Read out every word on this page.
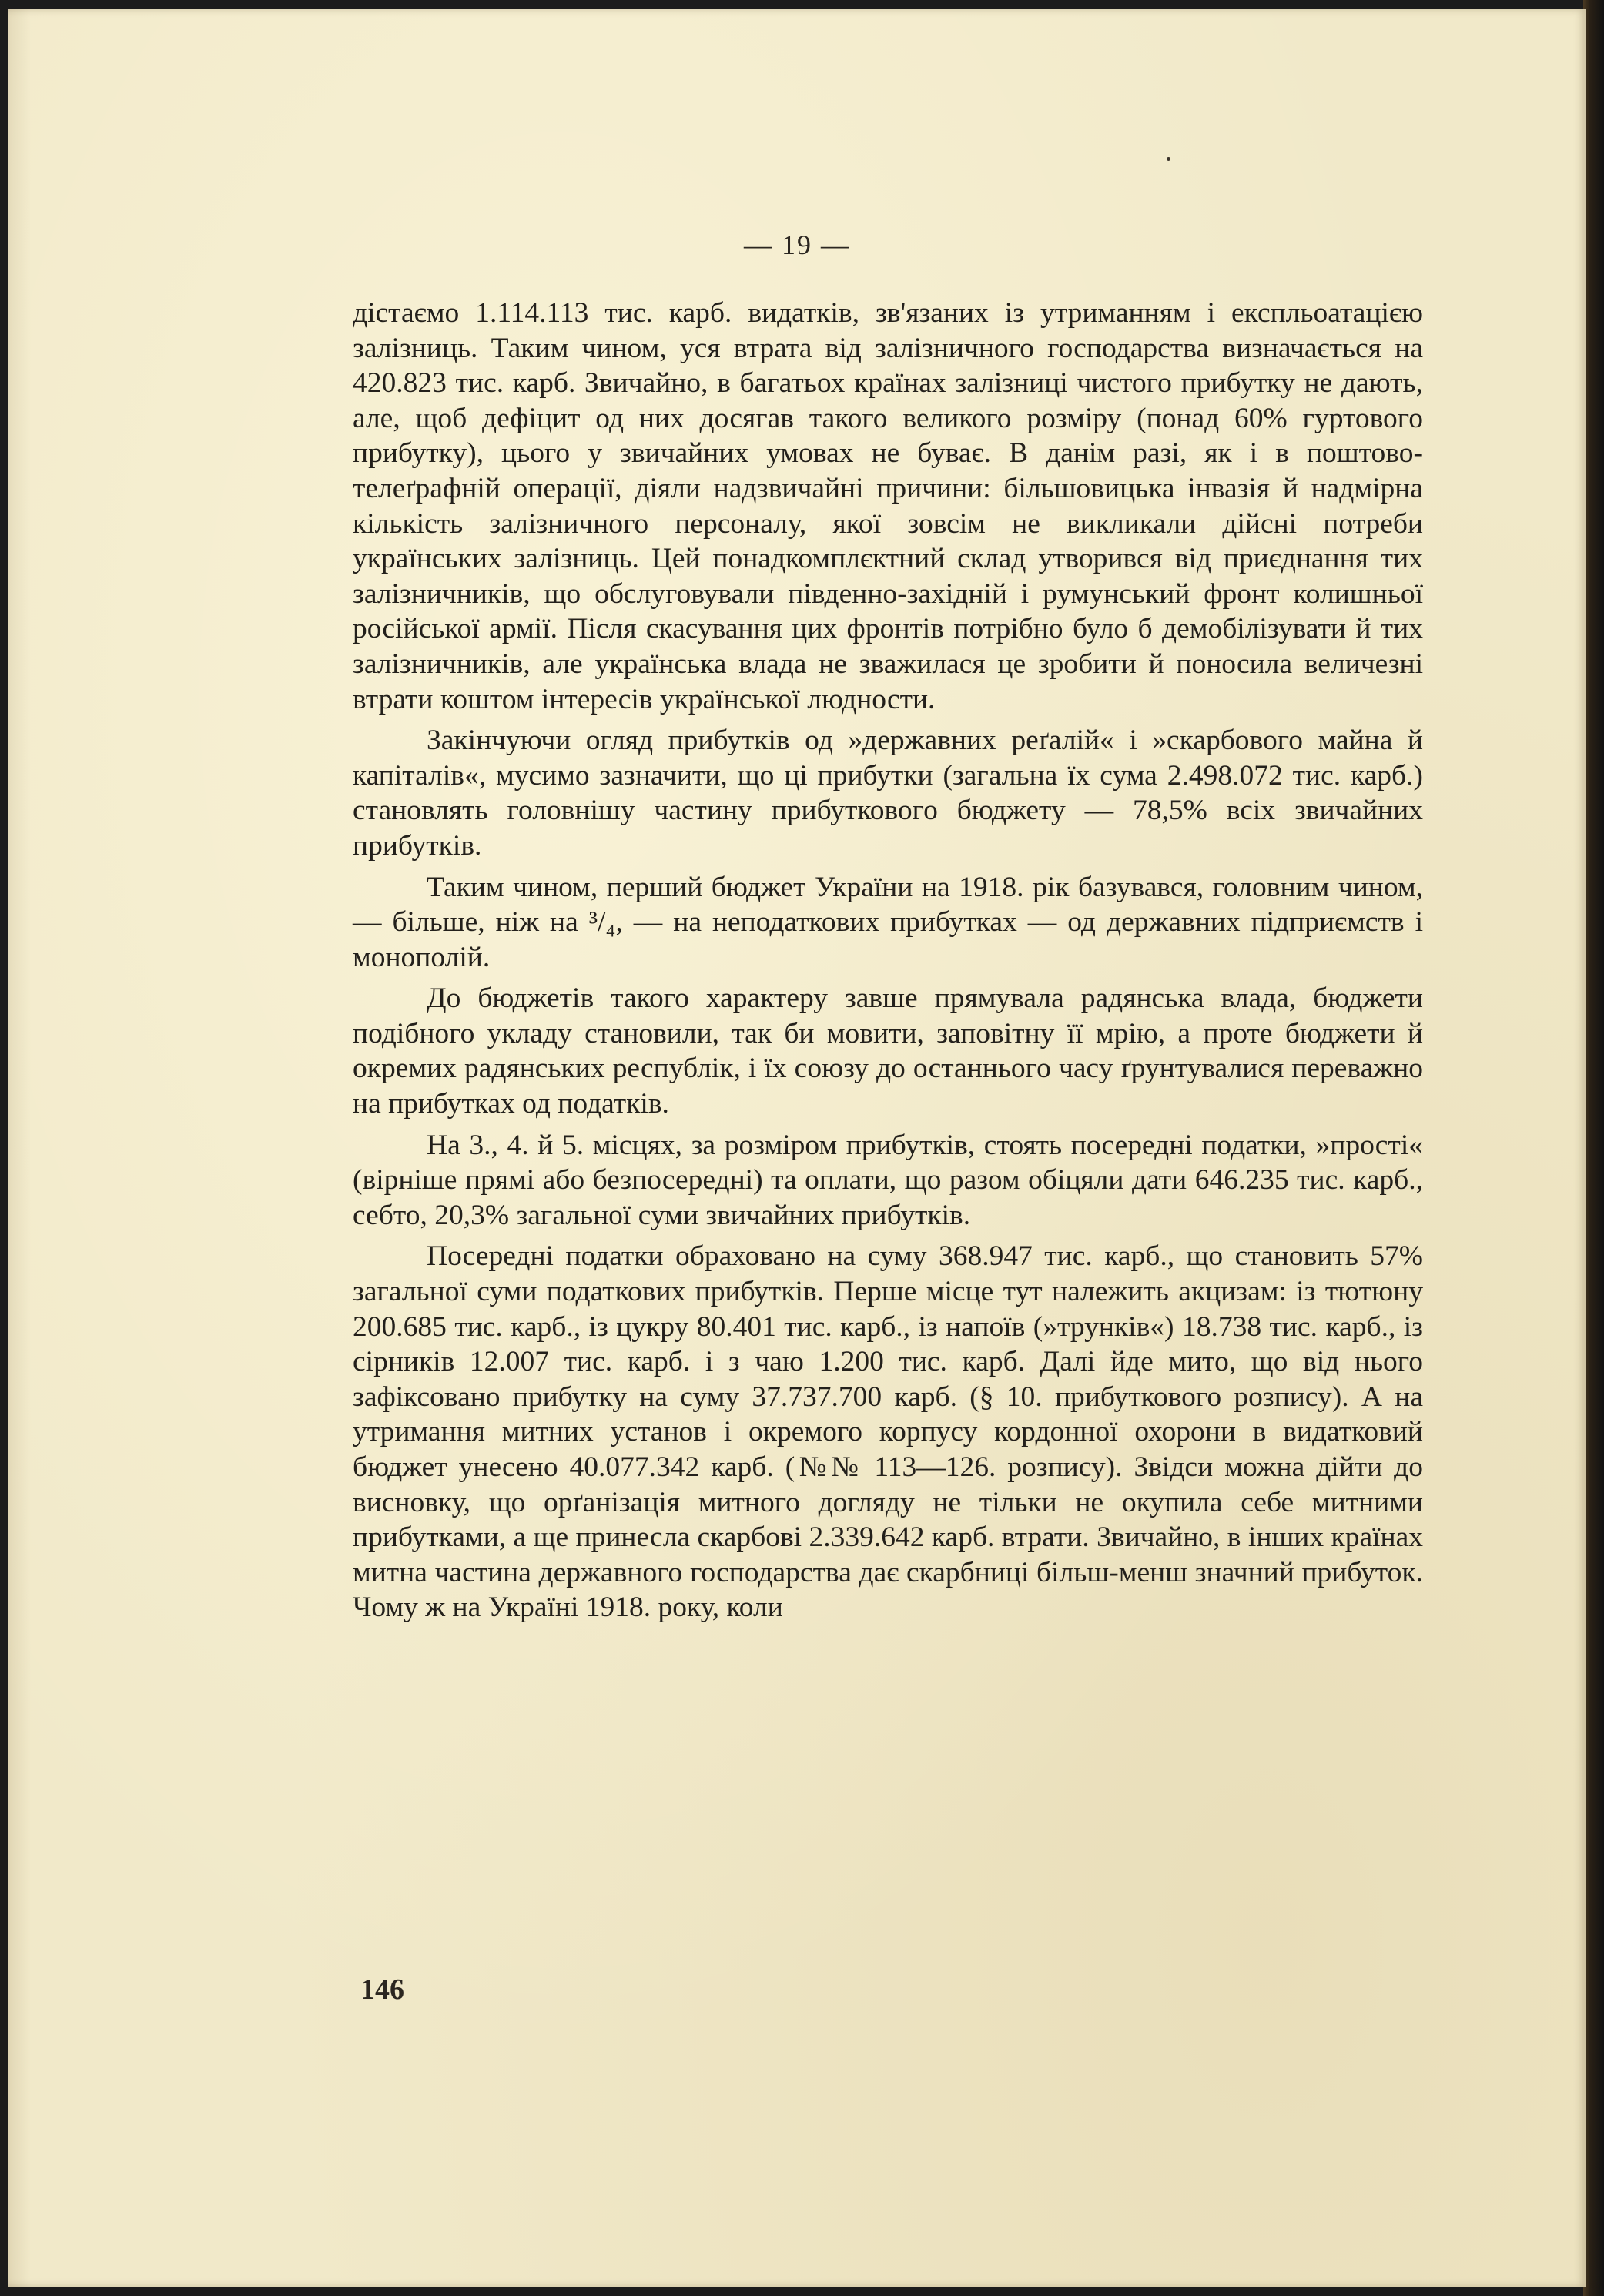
— 19 —

дістаємо 1.114.113 тис. карб. видатків, зв'язаних із утриманням і експльоатацією залізниць. Таким чином, уся втрата від залізничного господарства визначається на 420.823 тис. карб. Звичайно, в багатьох країнах залізниці чистого прибутку не дають, але, щоб дефіцит од них досягав такого великого розміру (понад 60% гуртового прибутку), цього у звичайних умовах не буває. В данім разі, як і в поштово-телеґрафній операції, діяли надзвичайні причини: більшовицька інвазія й надмірна кількість залізничного персоналу, якої зовсім не викликали дійсні потреби українських залізниць. Цей понадкомплєктний склад утворився від приєднання тих залізничників, що обслуговували південно-західній і румунський фронт колишньої російської армії. Після скасування цих фронтів потрібно було б демобілізувати й тих залізничників, але українська влада не зважилася це зробити й поносила величезні втрати коштом інтересів української людности.

Закінчуючи огляд прибутків од »державних реґалій« і »скарбового майна й капіталів«, мусимо зазначити, що ці прибутки (загальна їх сума 2.498.072 тис. карб.) становлять головнішу частину прибуткового бюджету — 78,5% всіх звичайних прибутків.

Таким чином, перший бюджет України на 1918. рік базувався, головним чином, — більше, ніж на ³/₄, — на неподаткових прибутках — од державних підприємств і монополій.

До бюджетів такого характеру завше прямувала радянська влада, бюджети подібного укладу становили, так би мовити, заповітну її мрію, а проте бюджети й окремих радянських республік, і їх союзу до останнього часу ґрунтувалися переважно на прибутках од податків.

На 3., 4. й 5. місцях, за розміром прибутків, стоять посередні податки, »прості« (вірніше прямі або безпосередні) та оплати, що разом обіцяли дати 646.235 тис. карб., себто, 20,3% загальної суми звичайних прибутків.

Посередні податки обраховано на суму 368.947 тис. карб., що становить 57% загальної суми податкових прибутків. Перше місце тут належить акцизам: із тютюну 200.685 тис. карб., із цукру 80.401 тис. карб., із напоїв (»трунків«) 18.738 тис. карб., із сірників 12.007 тис. карб. і з чаю 1.200 тис. карб. Далі йде мито, що від нього зафіксовано прибутку на суму 37.737.700 карб. (§ 10. прибуткового розпису). А на утримання митних установ і окремого корпусу кордонної охорони в видатковий бюджет унесено 40.077.342 карб. (№№ 113—126. розпису). Звідси можна дійти до висновку, що орґанізація митного догляду не тільки не окупила себе митними прибутками, а ще принесла скарбові 2.339.642 карб. втрати. Звичайно, в інших країнах митна частина державного господарства дає скарбниці більш-менш значний прибуток. Чому ж на Україні 1918. року, коли

146
